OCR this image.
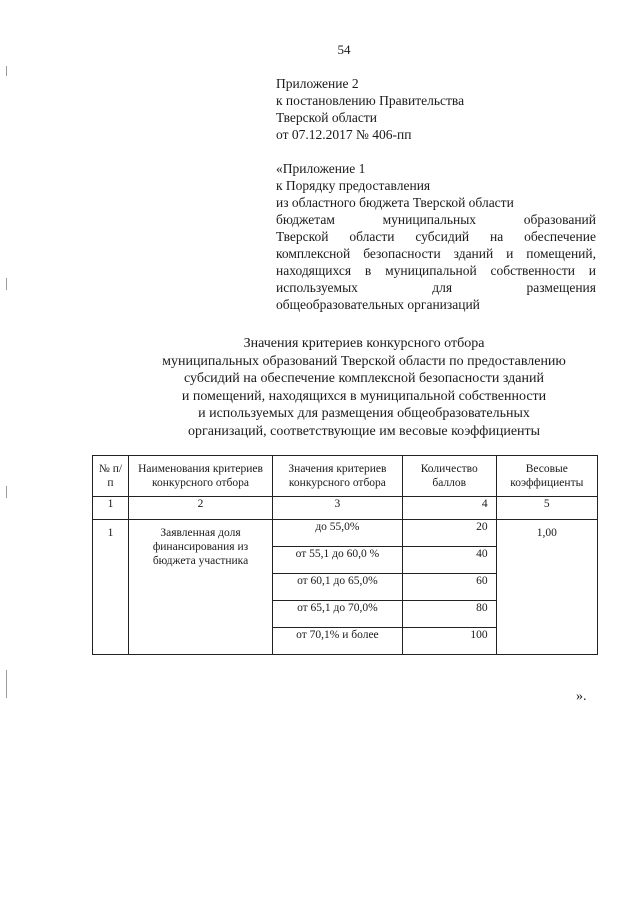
54
Приложение 2
к постановлению Правительства
Тверской области
от 07.12.2017 № 406-пп
«Приложение 1
к Порядку предоставления
из областного бюджета Тверской области
бюджетам муниципальных образований
Тверской области субсидий на обеспечение
комплексной безопасности зданий и помещений,
находящихся в муниципальной собственности и
используемых для размещения
общеобразовательных организаций
Значения критериев конкурсного отбора
муниципальных образований Тверской области по предоставлению
субсидий на обеспечение комплексной безопасности зданий
и помещений, находящихся в муниципальной собственности
и используемых для размещения общеобразовательных
организаций, соответствующие им весовые коэффициенты
№ п/п	Наименования критериев конкурсного отбора	Значения критериев конкурсного отбора	Количество баллов	Весовые коэффициенты
1	2	3	4	5
1	Заявленная доля финансирования из бюджета участника	до 55,0%	20	1,00
		от 55,1 до 60,0 %	40	
		от 60,1 до 65,0%	60	
		от 65,1 до 70,0%	80	
		от 70,1% и более	100	
».
